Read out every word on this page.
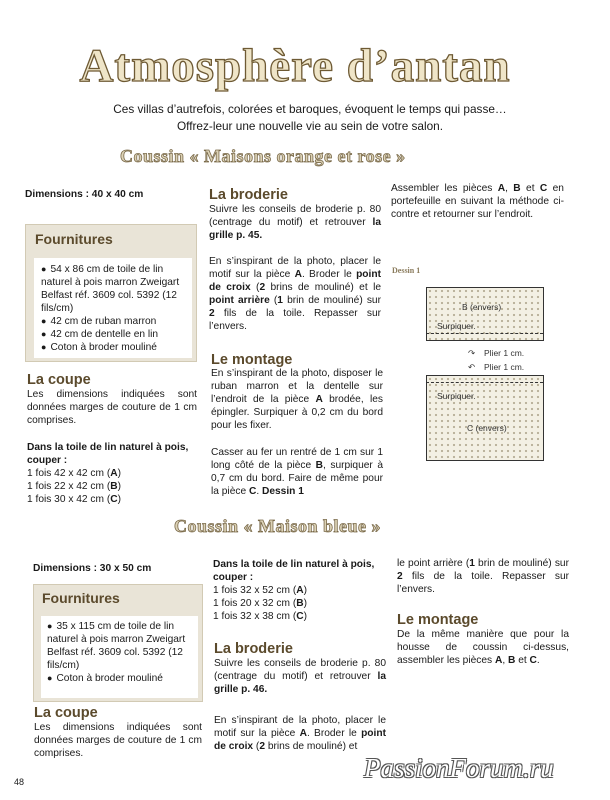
Atmosphère d’antan
Ces villas d’autrefois, colorées et baroques, évoquent le temps qui passe…
Offrez-leur une nouvelle vie au sein de votre salon.
Coussin « Maisons orange et rose »
Dimensions : 40 x 40 cm
Fournitures
● 54 x 86 cm de toile de lin naturel à pois marron Zweigart Belfast réf. 3609 col. 5392 (12 fils/cm)
● 42 cm de ruban marron
● 42 cm de dentelle en lin
● Coton à broder mouliné
La coupe
Les dimensions indiquées sont données marges de couture de 1 cm comprises.
Dans la toile de lin naturel à pois, couper :
1 fois 42 x 42 cm (A)
1 fois 22 x 42 cm (B)
1 fois 30 x 42 cm (C)
La broderie
Suivre les conseils de broderie p. 80 (centrage du motif) et retrouver la grille p. 45.
En s’inspirant de la photo, placer le motif sur la pièce A. Broder le point de croix (2 brins de mouliné) et le point arrière (1 brin de mouliné) sur 2 fils de la toile. Repasser sur l’envers.
Le montage
En s’inspirant de la photo, disposer le ruban marron et la dentelle sur l’endroit de la pièce A brodée, les épingler. Surpiquer à 0,2 cm du bord pour les fixer.
Casser au fer un rentré de 1 cm sur 1 long côté de la pièce B, surpiquer à 0,7 cm du bord. Faire de même pour la pièce C. Dessin 1
Assembler les pièces A, B et C en portefeuille en suivant la méthode ci-contre et retourner sur l’endroit.
Dessin 1
B (envers)
Surpiquer.
↷ Plier 1 cm.
↶ Plier 1 cm.
Surpiquer.
C (envers)
Coussin « Maison bleue »
Dimensions : 30 x 50 cm
Fournitures
● 35 x 115 cm de toile de lin naturel à pois marron Zweigart Belfast réf. 3609 col. 5392 (12 fils/cm)
● Coton à broder mouliné
La coupe
Les dimensions indiquées sont données marges de couture de 1 cm comprises.
Dans la toile de lin naturel à pois, couper :
1 fois 32 x 52 cm (A)
1 fois 20 x 32 cm (B)
1 fois 32 x 38 cm (C)
La broderie
Suivre les conseils de broderie p. 80 (centrage du motif) et retrouver la grille p. 46.
En s’inspirant de la photo, placer le motif sur la pièce A. Broder le point de croix (2 brins de mouliné) et
le point arrière (1 brin de mouliné) sur 2 fils de la toile. Repasser sur l’envers.
Le montage
De la même manière que pour la housse de coussin ci-dessus, assembler les pièces A, B et C.
48	PassionForum.ru
